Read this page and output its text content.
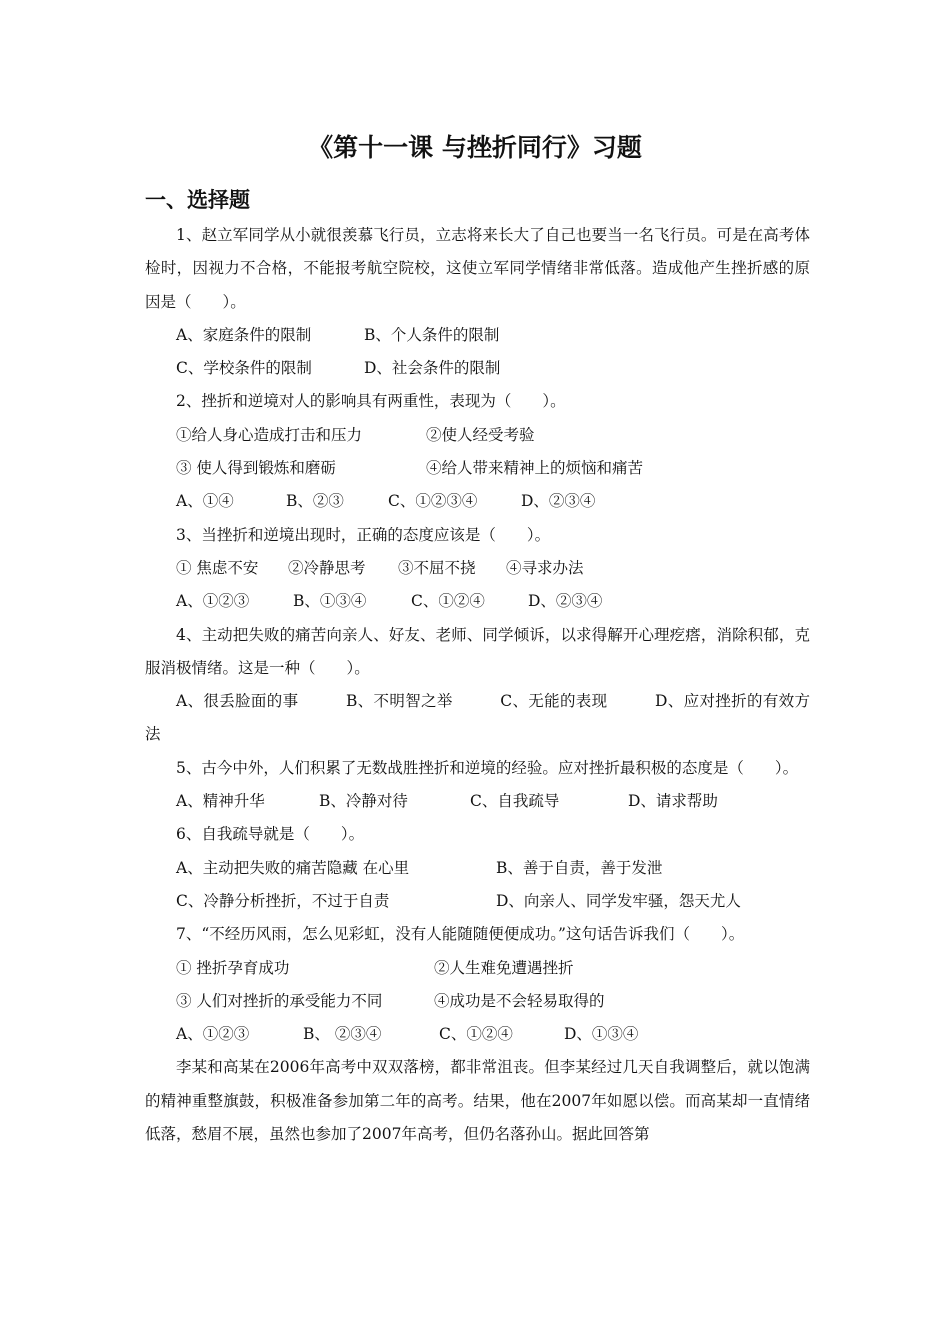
《第十一课 与挫折同行》习题
一、选择题

1、赵立军同学从小就很羡慕飞行员，立志将来长大了自己也要当一名飞行员。可是在高考体检时，因视力不合格，不能报考航空院校，这使立军同学情绪非常低落。造成他产生挫折感的原因是（　　）。

A、家庭条件的限制	B、个人条件的限制
C、学校条件的限制	D、社会条件的限制

2、挫折和逆境对人的影响具有两重性，表现为（　　）。

①给人身心造成打击和压力	②使人经受考验
③ 使人得到锻炼和磨砺	④给人带来精神上的烦恼和痛苦
A、①④	B、②③	C、①②③④	D、②③④

3、当挫折和逆境出现时，正确的态度应该是（　　）。

① 焦虑不安 ②冷静思考 ③不屈不挠 ④寻求办法
A、①②③	B、①③④	C、①②④	D、②③④

4、主动把失败的痛苦向亲人、好友、老师、同学倾诉，以求得解开心理疙瘩，消除积郁，克服消极情绪。这是一种（　　）。

A、很丢脸面的事　　　B、不明智之举　　　C、无能的表现　　　D、应对挫折的有效方法

5、古今中外，人们积累了无数战胜挫折和逆境的经验。应对挫折最积极的态度是（　　）。

A、精神升华	B、冷静对待	C、自我疏导	D、请求帮助

6、自我疏导就是（　　）。

A、主动把失败的痛苦隐藏 在心里	B、善于自责，善于发泄
C、冷静分析挫折，不过于自责	D、向亲人、同学发牢骚，怨天尤人

7、“不经历风雨，怎么见彩虹，没有人能随随便便成功。”这句话告诉我们（　　）。

① 挫折孕育成功	②人生难免遭遇挫折
③ 人们对挫折的承受能力不同	④成功是不会轻易取得的
A、①②③	B、 ②③④	C、①②④	D、①③④

李某和高某在2006年高考中双双落榜，都非常沮丧。但李某经过几天自我调整后，就以饱满的精神重整旗鼓，积极准备参加第二年的高考。结果，他在2007年如愿以偿。而高某却一直情绪低落，愁眉不展，虽然也参加了2007年高考，但仍名落孙山。据此回答第
